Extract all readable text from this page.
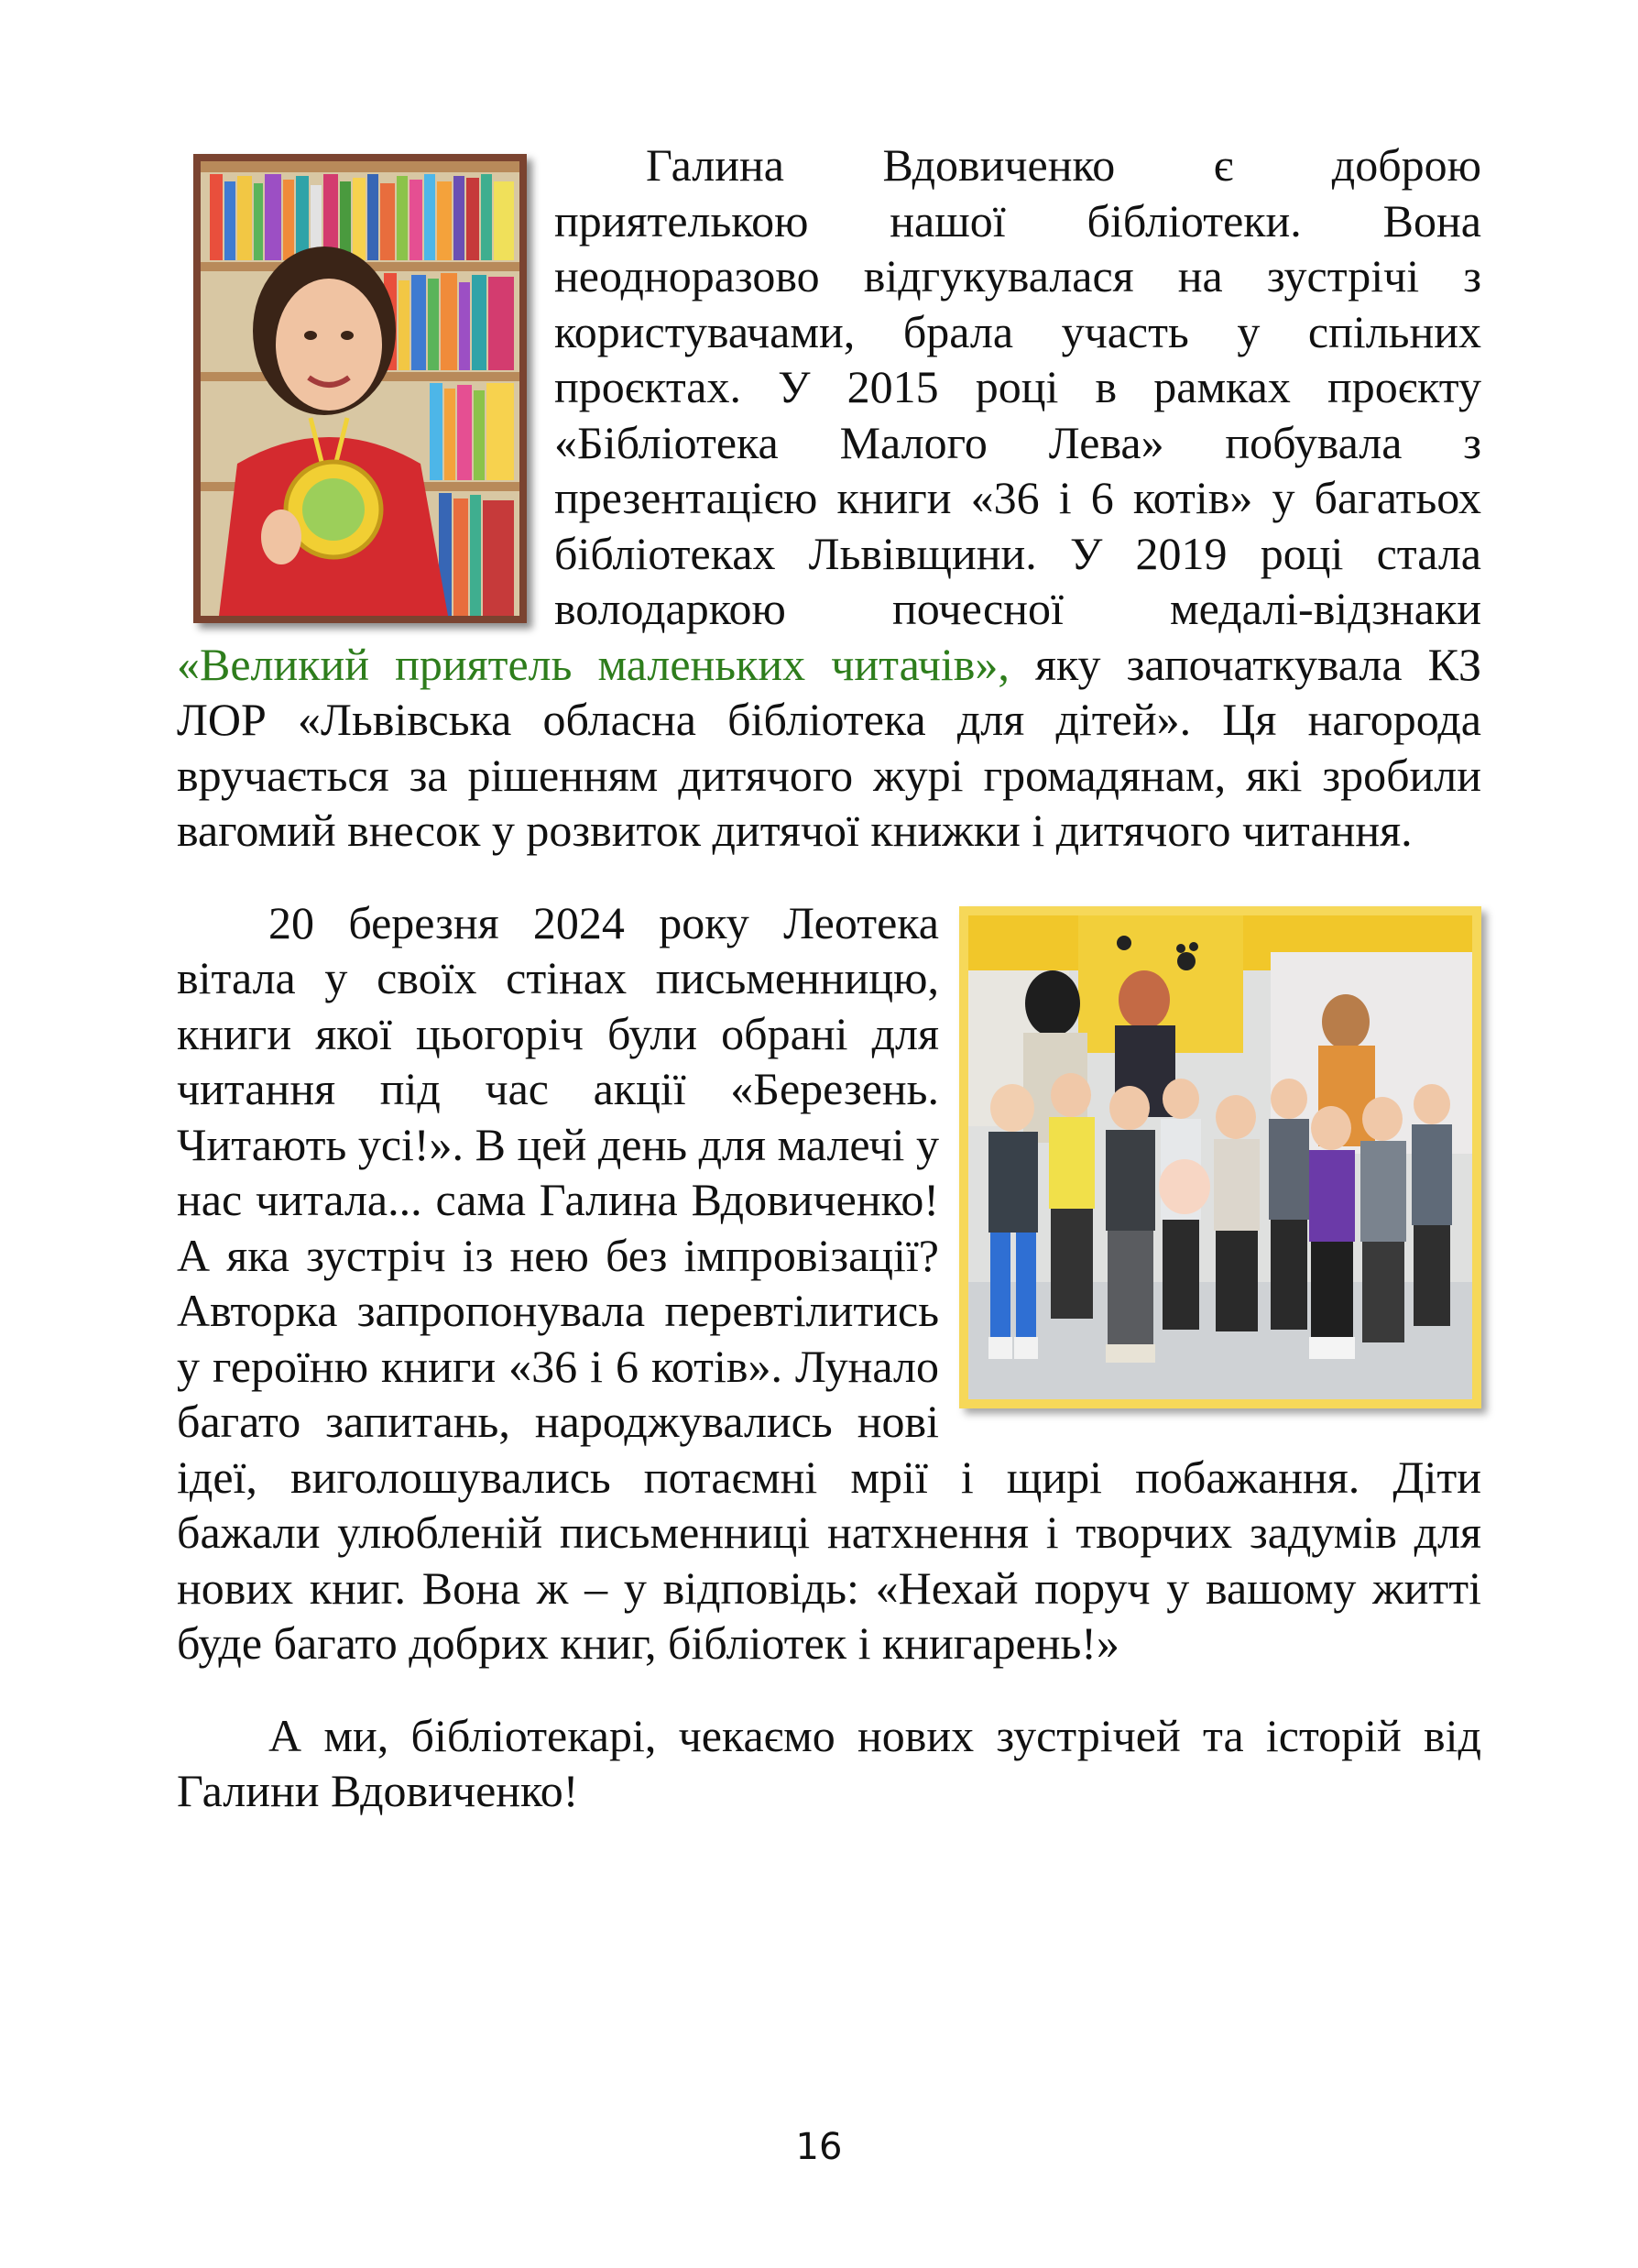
Галина Вдовиченко є доброю приятелькою нашої бібліотеки. Вона неодноразово відгукувалася на зустрічі з користувачами, брала участь у спільних проєктах. У 2015 році в рамках проєкту «Бібліотека Малого Лева» побувала з презентацією книги «36 і 6 котів» у багатьох бібліотеках Львівщини. У 2019 році стала володаркою почесної медалі-відзнаки «Великий приятель маленьких читачів», яку започаткувала КЗ ЛОР «Львівська обласна бібліотека для дітей». Ця нагорода вручається за рішенням дитячого журі громадянам, які зробили вагомий внесок у розвиток дитячої книжки і дитячого читання.

20 березня 2024 року Леотека вітала у своїх стінах письменницю, книги якої цьогоріч були обрані для читання під час акції «Березень. Читають усі!». В цей день для малечі у нас читала... сама Галина Вдовиченко! А яка зустріч із нею без імпровізації? Авторка запропонувала перевтілитись у героїню книги «36 і 6 котів». Лунало багато запитань, народжувались нові ідеї, виголошувались потаємні мрії і щирі побажання. Діти бажали улюбленій письменниці натхнення і творчих задумів для нових книг. Вона ж – у відповідь: «Нехай поруч у вашому житті буде багато добрих книг, бібліотек і книгарень!»

А ми, бібліотекарі, чекаємо нових зустрічей та історій від Галини Вдовиченко!

16
